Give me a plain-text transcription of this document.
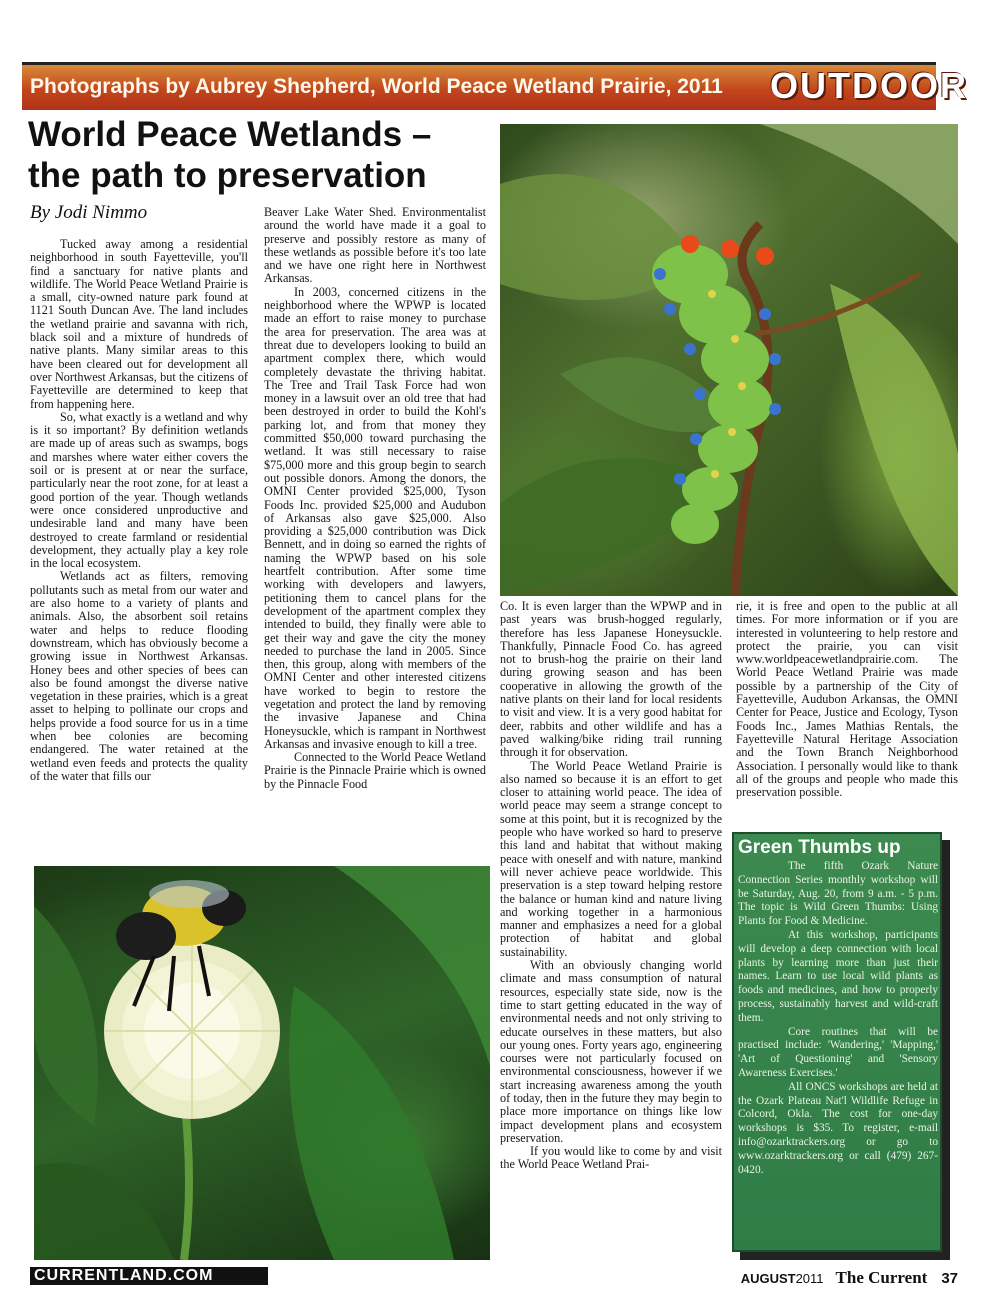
Photographs by Aubrey Shepherd, World Peace Wetland Prairie, 2011 OUTDOOR
World Peace Wetlands –
the path to preservation
By Jodi Nimmo

Tucked away among a residential neighborhood in south Fayetteville, you'll find a sanctuary for native plants and wildlife. The World Peace Wetland Prairie is a small, city-owned nature park found at 1121 South Duncan Ave. The land includes the wetland prairie and savanna with rich, black soil and a mixture of hundreds of native plants. Many similar areas to this have been cleared out for development all over Northwest Arkansas, but the citizens of Fayetteville are determined to keep that from happening here.

So, what exactly is a wetland and why is it so important? By definition wetlands are made up of areas such as swamps, bogs and marshes where water either covers the soil or is present at or near the surface, particularly near the root zone, for at least a good portion of the year. Though wetlands were once considered unproductive and undesirable land and many have been destroyed to create farmland or residential development, they actually play a key role in the local ecosystem.

Wetlands act as filters, removing pollutants such as metal from our water and are also home to a variety of plants and animals. Also, the absorbent soil retains water and helps to reduce flooding downstream, which has obviously become a growing issue in Northwest Arkansas. Honey bees and other species of bees can also be found amongst the diverse native vegetation in these prairies, which is a great asset to helping to pollinate our crops and helps provide a food source for us in a time when bee colonies are becoming endangered. The water retained at the wetland even feeds and protects the quality of the water that fills our

Beaver Lake Water Shed. Environmentalist around the world have made it a goal to preserve and possibly restore as many of these wetlands as possible before it's too late and we have one right here in Northwest Arkansas.

In 2003, concerned citizens in the neighborhood where the WPWP is located made an effort to raise money to purchase the area for preservation. The area was at threat due to developers looking to build an apartment complex there, which would completely devastate the thriving habitat. The Tree and Trail Task Force had won money in a lawsuit over an old tree that had been destroyed in order to build the Kohl's parking lot, and from that money they committed $50,000 toward purchasing the wetland. It was still necessary to raise $75,000 more and this group begin to search out possible donors. Among the donors, the OMNI Center provided $25,000, Tyson Foods Inc. provided $25,000 and Audubon of Arkansas also gave $25,000. Also providing a $25,000 contribution was Dick Bennett, and in doing so earned the rights of naming the WPWP based on his sole heartfelt contribution. After some time working with developers and lawyers, petitioning them to cancel plans for the development of the apartment complex they intended to build, they finally were able to get their way and gave the city the money needed to purchase the land in 2005. Since then, this group, along with members of the OMNI Center and other interested citizens have worked to begin to restore the vegetation and protect the land by removing the invasive Japanese and China Honeysuckle, which is rampant in Northwest Arkansas and invasive enough to kill a tree.

Connected to the World Peace Wetland Prairie is the Pinnacle Prairie which is owned by the Pinnacle Food

Co. It is even larger than the WPWP and in past years was brush-hogged regularly, therefore has less Japanese Honeysuckle. Thankfully, Pinnacle Food Co. has agreed not to brush-hog the prairie on their land during growing season and has been cooperative in allowing the growth of the native plants on their land for local residents to visit and view. It is a very good habitat for deer, rabbits and other wildlife and has a paved walking/bike riding trail running through it for observation.

The World Peace Wetland Prairie is also named so because it is an effort to get closer to attaining world peace. The idea of world peace may seem a strange concept to some at this point, but it is recognized by the people who have worked so hard to preserve this land and habitat that without making peace with oneself and with nature, mankind will never achieve peace worldwide. This preservation is a step toward helping restore the balance or human kind and nature living and working together in a harmonious manner and emphasizes a need for a global protection of habitat and global sustainability.

With an obviously changing world climate and mass consumption of natural resources, especially state side, now is the time to start getting educated in the way of environmental needs and not only striving to educate ourselves in these matters, but also our young ones. Forty years ago, engineering courses were not particularly focused on environmental consciousness, however if we start increasing awareness among the youth of today, then in the future they may begin to place more importance on things like low impact development plans and ecosystem preservation.

If you would like to come by and visit the World Peace Wetland Prai-

rie, it is free and open to the public at all times. For more information or if you are interested in volunteering to help restore and protect the prairie, you can visit www.worldpeacewetlandprairie.com. The World Peace Wetland Prairie was made possible by a partnership of the City of Fayetteville, Audubon Arkansas, the OMNI Center for Peace, Justice and Ecology, Tyson Foods Inc., James Mathias Rentals, the Fayetteville Natural Heritage Association and the Town Branch Neighborhood Association. I personally would like to thank all of the groups and people who made this preservation possible.

Green Thumbs up

The fifth Ozark Nature Connection Series monthly workshop will be Saturday, Aug. 20, from 9 a.m. - 5 p.m. The topic is Wild Green Thumbs: Using Plants for Food & Medicine.

At this workshop, participants will develop a deep connection with local plants by learning more than just their names. Learn to use local wild plants as foods and medicines, and how to properly process, sustainably harvest and wild-craft them.

Core routines that will be practised include: 'Wandering,' 'Mapping,' 'Art of Questioning' and 'Sensory Awareness Exercises.'

All ONCS workshops are held at the Ozark Plateau Nat'l Wildlife Refuge in Colcord, Okla. The cost for one-day workshops is $35. To register, e-mail info@ozarktrackers.org or go to www.ozarktrackers.org or call (479) 267-0420.

CURRENTLAND.COM	AUGUST2011 The Current 37
